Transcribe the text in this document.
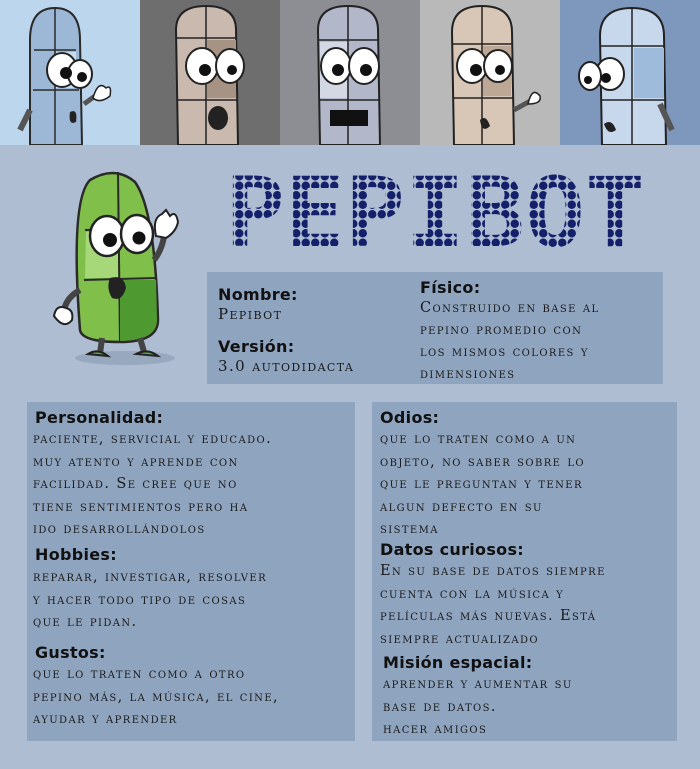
PEPIBOT
Nombre:
Pepibot
Versión:
3.0 autodidacta
Físico:
Construido en base al
pepino promedio con
los mismos colores y
dimensiones
Personalidad:
paciente, servicial y educado.
muy atento y aprende con
facilidad. Se cree que no
tiene sentimientos pero ha
ido desarrollándolos
Hobbies:
reparar, investigar, resolver
y hacer todo tipo de cosas
que le pidan.
Gustos:
que lo traten como a otro
pepino más, la música, el cine,
ayudar y aprender
Odios:
que lo traten como a un
objeto, no saber sobre lo
que le preguntan y tener
algun defecto en su
sistema
Datos curiosos:
En su base de datos siempre
cuenta con la música y
películas más nuevas. Está
siempre actualizado
Misión espacial:
aprender y aumentar su
base de datos.
hacer amigos
